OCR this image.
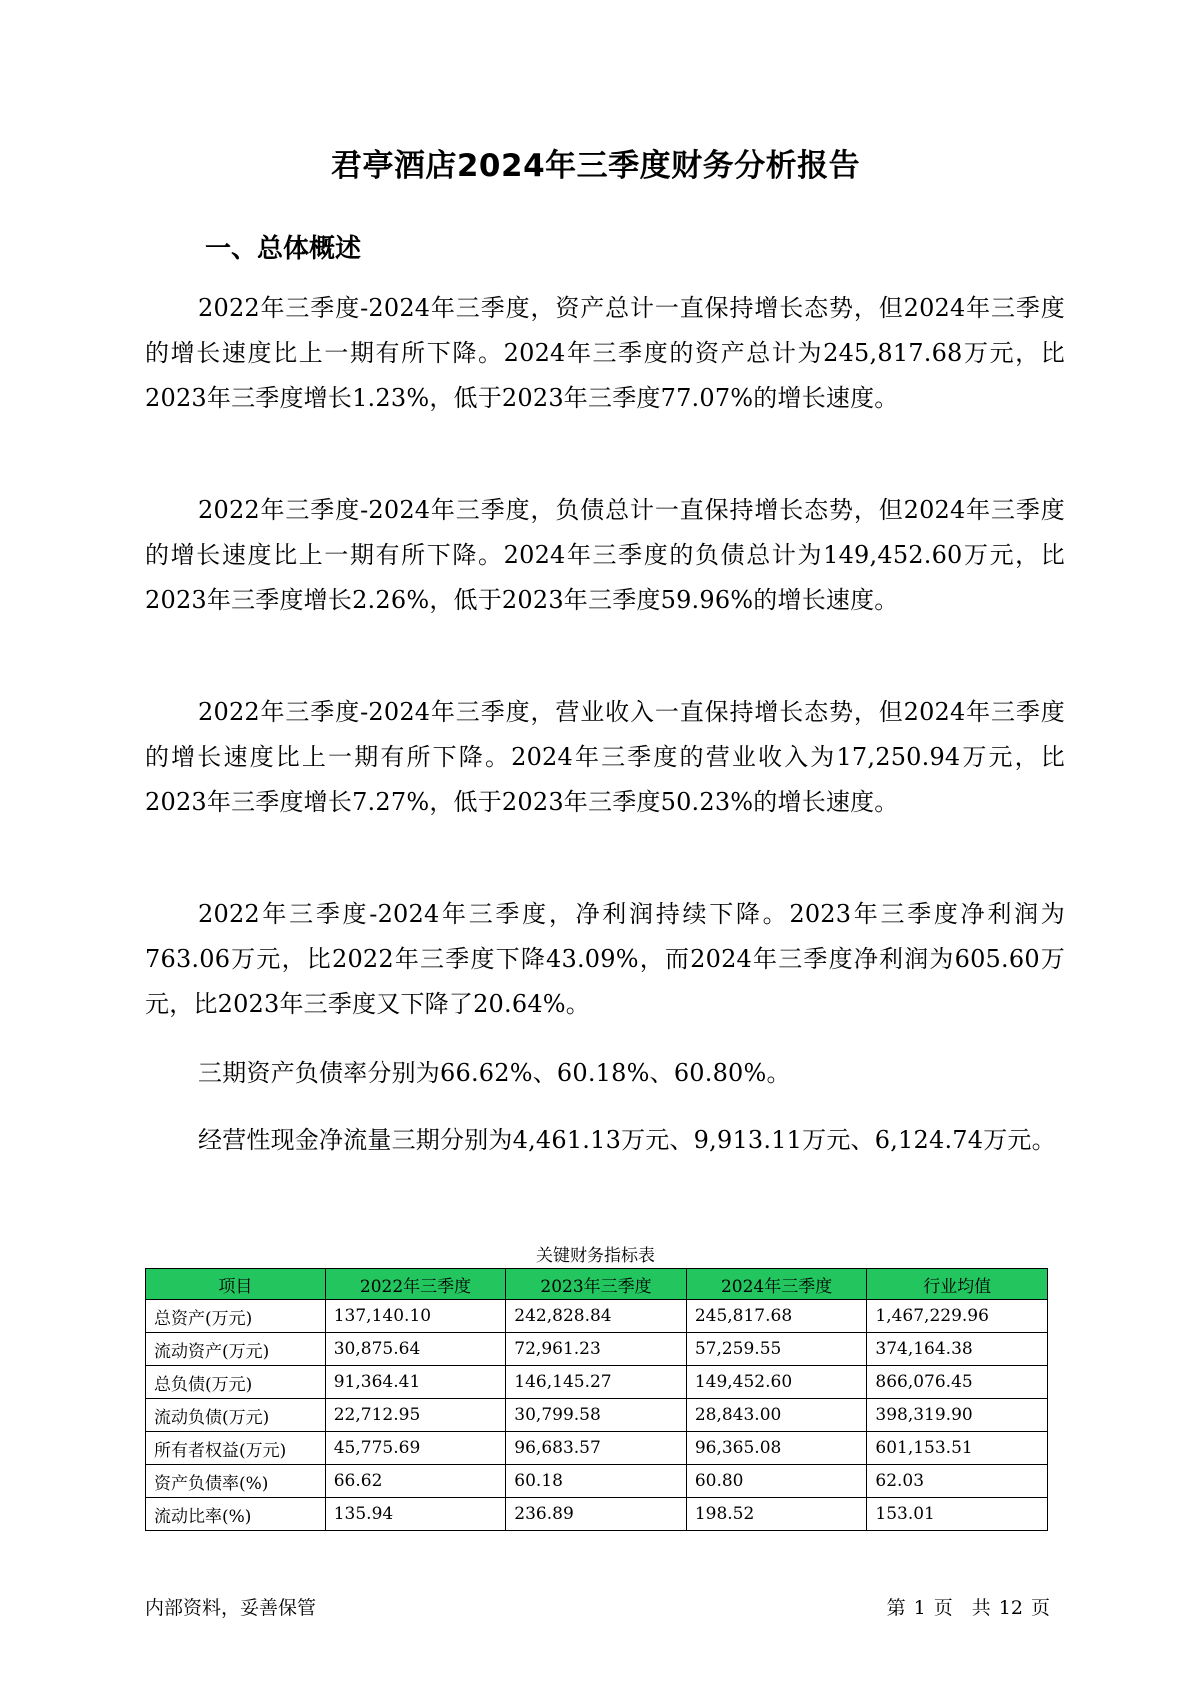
君亭酒店2024年三季度财务分析报告
一、总体概述

2022年三季度-2024年三季度，资产总计一直保持增长态势，但2024年三季度的增长速度比上一期有所下降。2024年三季度的资产总计为245,817.68万元，比2023年三季度增长1.23%，低于2023年三季度77.07%的增长速度。

2022年三季度-2024年三季度，负债总计一直保持增长态势，但2024年三季度的增长速度比上一期有所下降。2024年三季度的负债总计为149,452.60万元，比2023年三季度增长2.26%，低于2023年三季度59.96%的增长速度。

2022年三季度-2024年三季度，营业收入一直保持增长态势，但2024年三季度的增长速度比上一期有所下降。2024年三季度的营业收入为17,250.94万元，比2023年三季度增长7.27%，低于2023年三季度50.23%的增长速度。

2022年三季度-2024年三季度，净利润持续下降。2023年三季度净利润为763.06万元，比2022年三季度下降43.09%，而2024年三季度净利润为605.60万元，比2023年三季度又下降了20.64%。

三期资产负债率分别为66.62%、60.18%、60.80%。

经营性现金净流量三期分别为4,461.13万元、9,913.11万元、6,124.74万元。

关键财务指标表
项目	2022年三季度	2023年三季度	2024年三季度	行业均值
总资产(万元)	137,140.10	242,828.84	245,817.68	1,467,229.96
流动资产(万元)	30,875.64	72,961.23	57,259.55	374,164.38
总负债(万元)	91,364.41	146,145.27	149,452.60	866,076.45
流动负债(万元)	22,712.95	30,799.58	28,843.00	398,319.90
所有者权益(万元)	45,775.69	96,683.57	96,365.08	601,153.51
资产负债率(%)	66.62	60.18	60.80	62.03
流动比率(%)	135.94	236.89	198.52	153.01
内部资料，妥善保管	第 1 页　共 12 页
